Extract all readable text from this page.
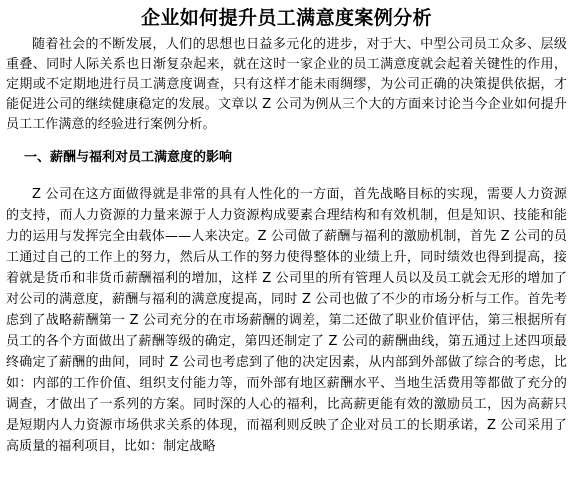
企业如何提升员工满意度案例分析

随着社会的不断发展，人们的思想也日益多元化的进步，对于大、中型公司员工众多、层级重叠、同时人际关系也日渐复杂起来，就在这时一家企业的员工满意度就会起着关键性的作用，定期或不定期地进行员工满意度调查，只有这样才能未雨绸缪，为公司正确的决策提供依据，才能促进公司的继续健康稳定的发展。文章以 Z 公司为例从三个大的方面来讨论当今企业如何提升员工工作满意的经验进行案例分析。

一、薪酬与福利对员工满意度的影响

Z 公司在这方面做得就是非常的具有人性化的一方面，首先战略目标的实现，需要人力资源的支持，而人力资源的力量来源于人力资源构成要素合理结构和有效机制，但是知识、技能和能力的运用与发挥完全由载体——人来决定。Z 公司做了薪酬与福利的激励机制，首先 Z 公司的员工通过自己的工作上的努力，然后从工作的努力使得整体的业绩上升，同时绩效也得到提高，接着就是货币和非货币薪酬福利的增加，这样 Z 公司里的所有管理人员以及员工就会无形的增加了对公司的满意度，薪酬与福利的满意度提高，同时 Z 公司也做了不少的市场分析与工作。首先考虑到了战略薪酬第一 Z 公司充分的在市场薪酬的调差，第二还做了职业价值评估，第三根据所有员工的各个方面做出了薪酬等级的确定，第四还制定了 Z 公司的薪酬曲线，第五通过上述四项最终确定了薪酬的曲间，同时 Z 公司也考虑到了他的决定因素，从内部到外部做了综合的考虑，比如：内部的工作价值、组织支付能力等，而外部有地区薪酬水平、当地生活费用等都做了充分的调查，才做出了一系列的方案。同时深的人心的福利，比高薪更能有效的激励员工，因为高薪只是短期内人力资源市场供求关系的体现，而福利则反映了企业对员工的长期承诺，Z 公司采用了高质量的福利项目，比如：制定战略
